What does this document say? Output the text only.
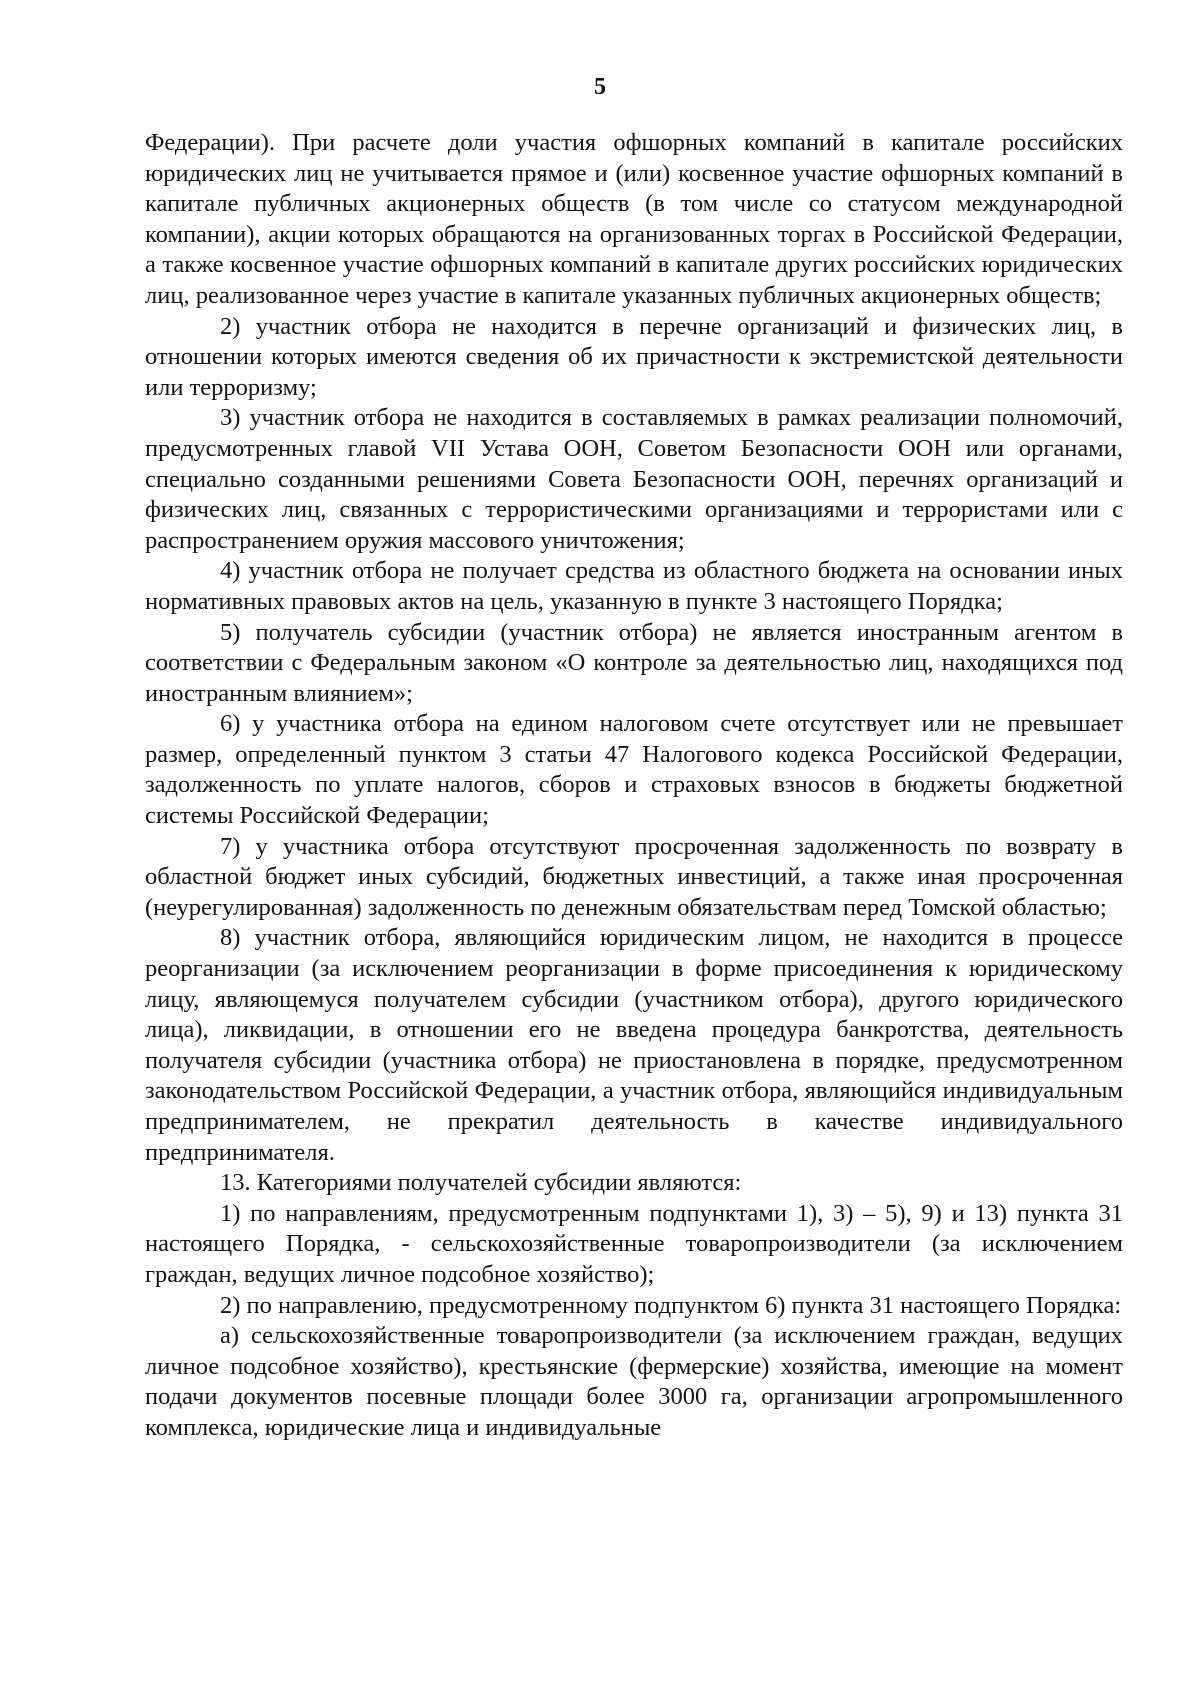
5

Федерации). При расчете доли участия офшорных компаний в капитале российских юридических лиц не учитывается прямое и (или) косвенное участие офшорных компаний в капитале публичных акционерных обществ (в том числе со статусом международной компании), акции которых обращаются на организованных торгах в Российской Федерации, а также косвенное участие офшорных компаний в капитале других российских юридических лиц, реализованное через участие в капитале указанных публичных акционерных обществ;

2) участник отбора не находится в перечне организаций и физических лиц, в отношении которых имеются сведения об их причастности к экстремистской деятельности или терроризму;

3) участник отбора не находится в составляемых в рамках реализации полномочий, предусмотренных главой VII Устава ООН, Советом Безопасности ООН или органами, специально созданными решениями Совета Безопасности ООН, перечнях организаций и физических лиц, связанных с террористическими организациями и террористами или с распространением оружия массового уничтожения;

4) участник отбора не получает средства из областного бюджета на основании иных нормативных правовых актов на цель, указанную в пункте 3 настоящего Порядка;

5) получатель субсидии (участник отбора) не является иностранным агентом в соответствии с Федеральным законом «О контроле за деятельностью лиц, находящихся под иностранным влиянием»;

6) у участника отбора на едином налоговом счете отсутствует или не превышает размер, определенный пунктом 3 статьи 47 Налогового кодекса Российской Федерации, задолженность по уплате налогов, сборов и страховых взносов в бюджеты бюджетной системы Российской Федерации;

7) у участника отбора отсутствуют просроченная задолженность по возврату в областной бюджет иных субсидий, бюджетных инвестиций, а также иная просроченная (неурегулированная) задолженность по денежным обязательствам перед Томской областью;

8) участник отбора, являющийся юридическим лицом, не находится в процессе реорганизации (за исключением реорганизации в форме присоединения к юридическому лицу, являющемуся получателем субсидии (участником отбора), другого юридического лица), ликвидации, в отношении его не введена процедура банкротства, деятельность получателя субсидии (участника отбора) не приостановлена в порядке, предусмотренном законодательством Российской Федерации, а участник отбора, являющийся индивидуальным предпринимателем, не прекратил деятельность в качестве индивидуального предпринимателя.

13. Категориями получателей субсидии являются:

1) по направлениям, предусмотренным подпунктами 1), 3) – 5), 9) и 13) пункта 31 настоящего Порядка, - сельскохозяйственные товаропроизводители (за исключением граждан, ведущих личное подсобное хозяйство);

2) по направлению, предусмотренному подпунктом 6) пункта 31 настоящего Порядка:

а) сельскохозяйственные товаропроизводители (за исключением граждан, ведущих личное подсобное хозяйство), крестьянские (фермерские) хозяйства, имеющие на момент подачи документов посевные площади более 3000 га, организации агропромышленного комплекса, юридические лица и индивидуальные
